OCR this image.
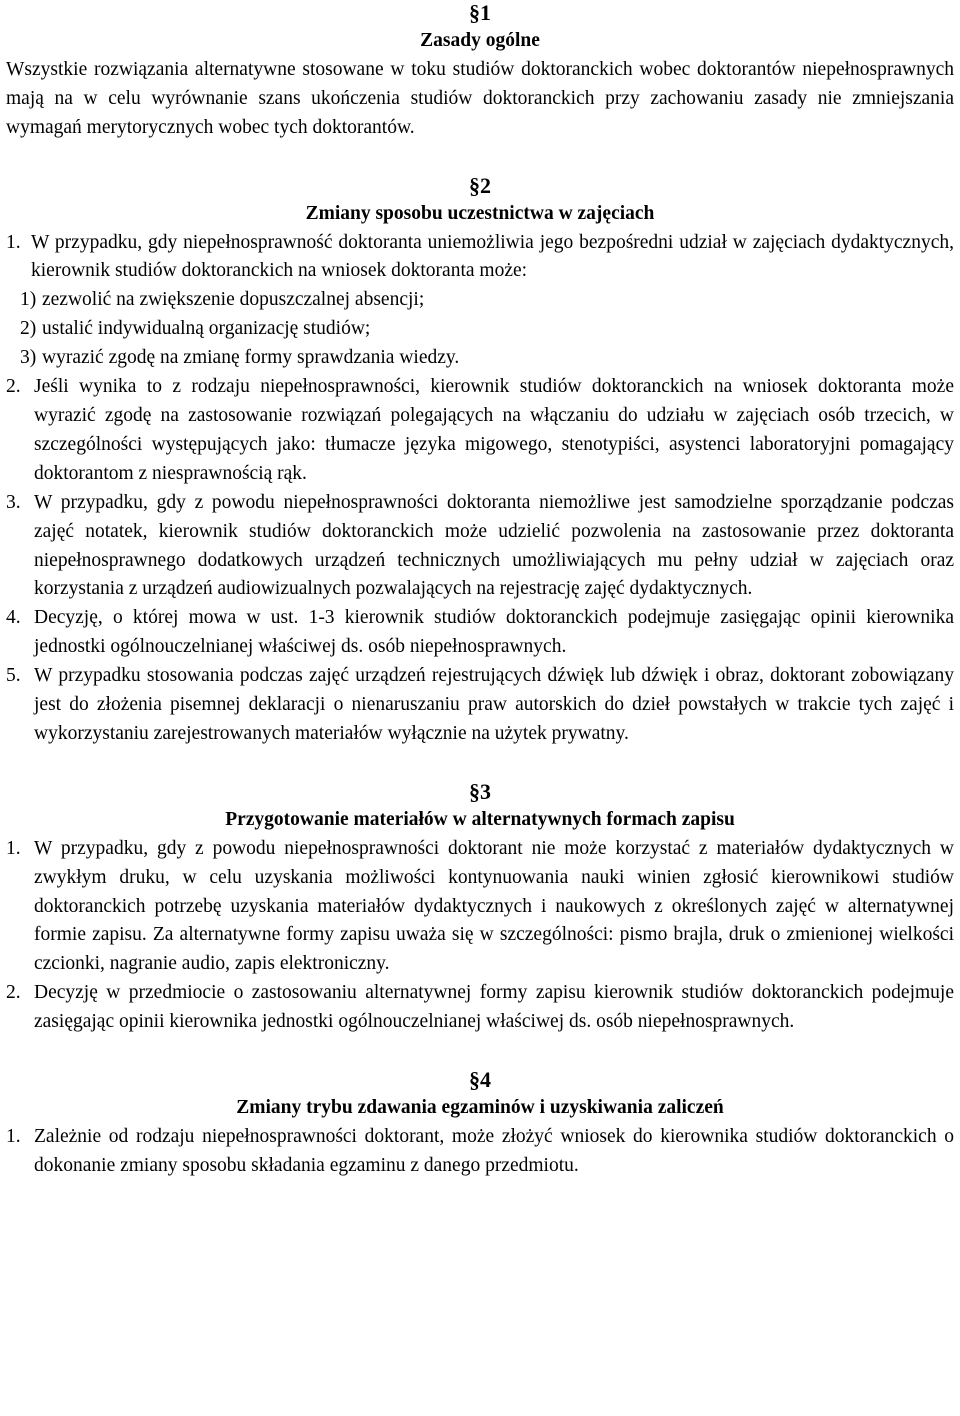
§1
Zasady ogólne

Wszystkie rozwiązania alternatywne stosowane w toku studiów doktoranckich wobec doktorantów niepełnosprawnych mają na w celu wyrównanie szans ukończenia studiów doktoranckich przy zachowaniu zasady nie zmniejszania wymagań merytorycznych wobec tych doktorantów.

§2
Zmiany sposobu uczestnictwa w zajęciach
1. W przypadku, gdy niepełnosprawność doktoranta uniemożliwia jego bezpośredni udział w zajęciach dydaktycznych, kierownik studiów doktoranckich na wniosek doktoranta może:
1) zezwolić na zwiększenie dopuszczalnej absencji;
2) ustalić indywidualną organizację studiów;
3) wyrazić zgodę na zmianę formy sprawdzania wiedzy.
2. Jeśli wynika to z rodzaju niepełnosprawności, kierownik studiów doktoranckich na wniosek doktoranta może wyrazić zgodę na zastosowanie rozwiązań polegających na włączaniu do udziału w zajęciach osób trzecich, w szczególności występujących jako: tłumacze języka migowego, stenotypiści, asystenci laboratoryjni pomagający doktorantom z niesprawnością rąk.
3. W przypadku, gdy z powodu niepełnosprawności doktoranta niemożliwe jest samodzielne sporządzanie podczas zajęć notatek, kierownik studiów doktoranckich może udzielić pozwolenia na zastosowanie przez doktoranta niepełnosprawnego dodatkowych urządzeń technicznych umożliwiających mu pełny udział w zajęciach oraz korzystania z urządzeń audiowizualnych pozwalających na rejestrację zajęć dydaktycznych.
4. Decyzję, o której mowa w ust. 1-3 kierownik studiów doktoranckich podejmuje zasięgając opinii kierownika jednostki ogólnouczelnianej właściwej ds. osób niepełnosprawnych.
5. W przypadku stosowania podczas zajęć urządzeń rejestrujących dźwięk lub dźwięk i obraz, doktorant zobowiązany jest do złożenia pisemnej deklaracji o nienaruszaniu praw autorskich do dzieł powstałych w trakcie tych zajęć i wykorzystaniu zarejestrowanych materiałów wyłącznie na użytek prywatny.
§3
Przygotowanie materiałów w alternatywnych formach zapisu
1. W przypadku, gdy z powodu niepełnosprawności doktorant nie może korzystać z materiałów dydaktycznych w zwykłym druku, w celu uzyskania możliwości kontynuowania nauki winien zgłosić kierownikowi studiów doktoranckich potrzebę uzyskania materiałów dydaktycznych i naukowych z określonych zajęć w alternatywnej formie zapisu. Za alternatywne formy zapisu uważa się w szczególności: pismo brajla, druk o zmienionej wielkości czcionki, nagranie audio, zapis elektroniczny.
2. Decyzję w przedmiocie o zastosowaniu alternatywnej formy zapisu kierownik studiów doktoranckich podejmuje zasięgając opinii kierownika jednostki ogólnouczelnianej właściwej ds. osób niepełnosprawnych.
§4
Zmiany trybu zdawania egzaminów i uzyskiwania zaliczeń
1. Zależnie od rodzaju niepełnosprawności doktorant, może złożyć wniosek do kierownika studiów doktoranckich o dokonanie zmiany sposobu składania egzaminu z danego przedmiotu.
